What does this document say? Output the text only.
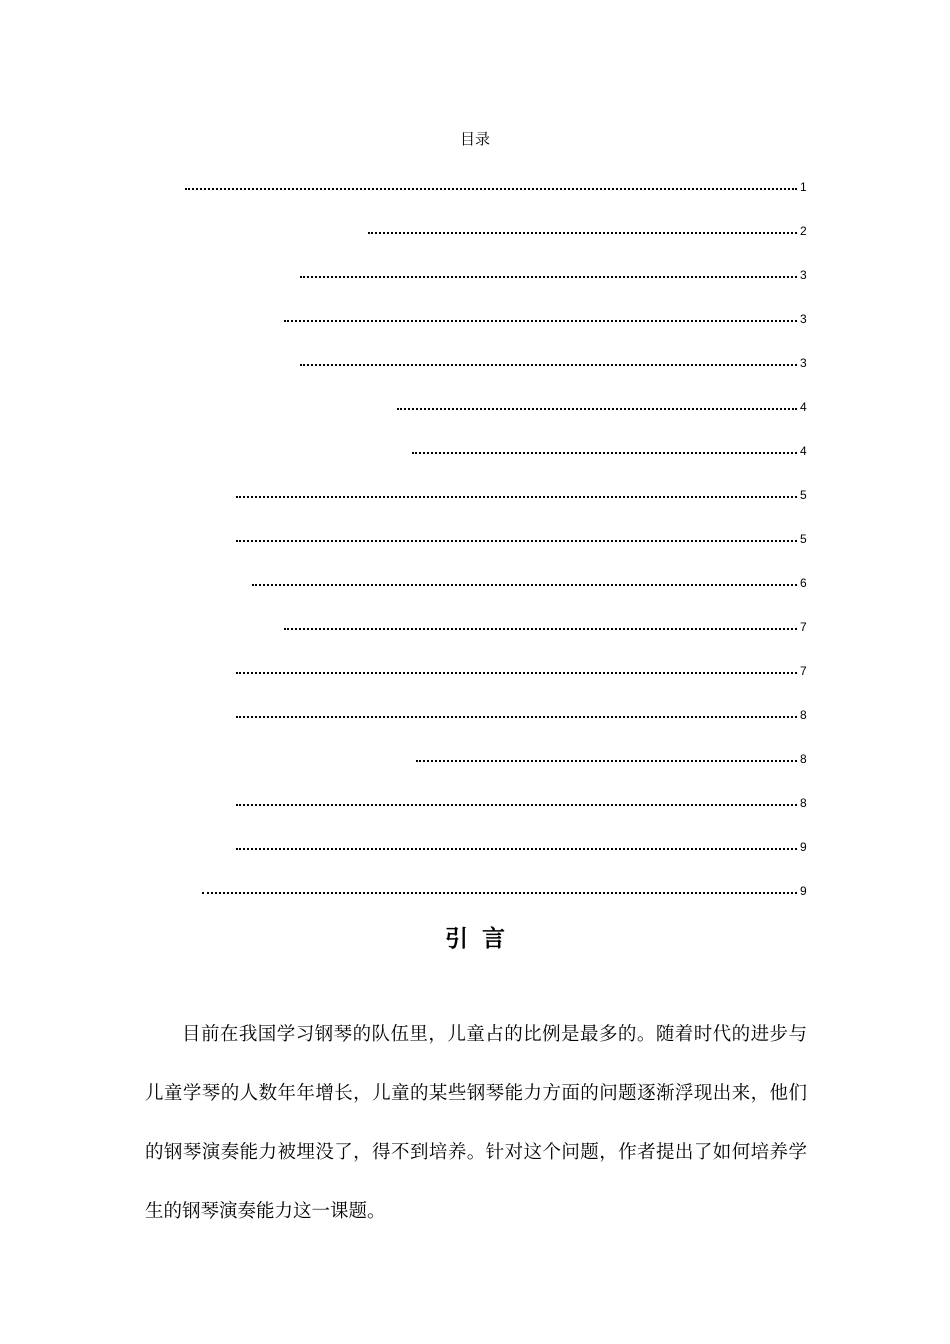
目录
1
2
3
3
3
4
4
5
5
6
7
7
8
8
8
9
9
引言

目前在我国学习钢琴的队伍里，儿童占的比例是最多的。随着时代的进步与儿童学琴的人数年年增长，儿童的某些钢琴能力方面的问题逐渐浮现出来，他们的钢琴演奏能力被埋没了，得不到培养。针对这个问题，作者提出了如何培养学生的钢琴演奏能力这一课题。
